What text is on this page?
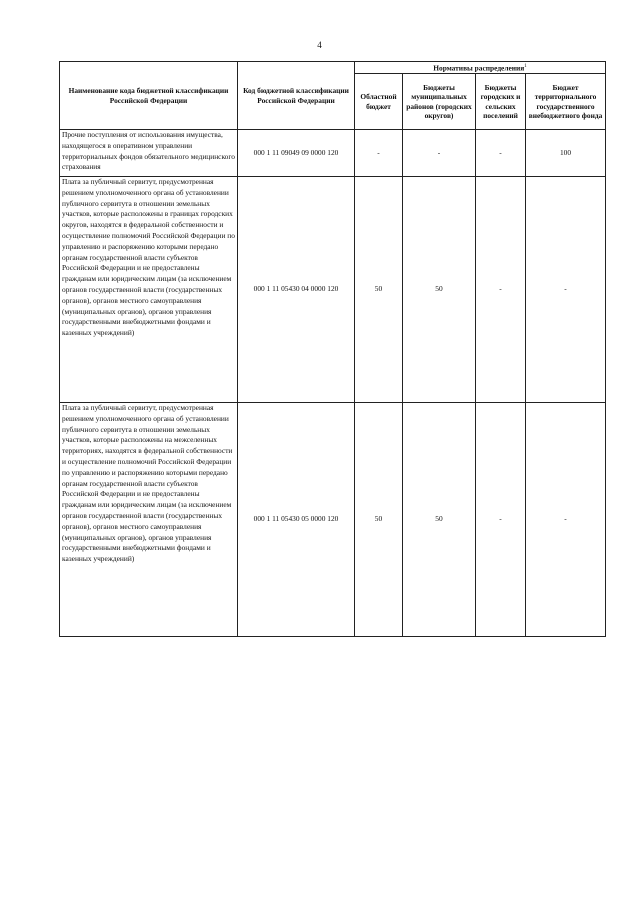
4
Наименование кода бюджетной классификации Российской Федерации	Код бюджетной классификации Российской Федерации	Нормативы распределения$^1$
		Областной бюджет	Бюджеты муниципальных районов (городских округов)	Бюджеты городских и сельских поселений	Бюджет территориального государственного внебюджетного фонда
Прочие поступления от использования имущества, находящегося в оперативном управлении территориальных фондов обязательного медицинского страхования	000 1 11 09049 09 0000 120	-	-	-	100
Плата за публичный сервитут, предусмотренная решением уполномоченного органа об установлении публичного сервитута в отношении земельных участков, которые расположены в границах городских округов, находятся в федеральной собственности и осуществление полномочий Российской Федерации по управлению и распоряжению которыми передано органам государственной власти субъектов Российской Федерации и не предоставлены гражданам или юридическим лицам (за исключением органов государственной власти (государственных органов), органов местного самоуправления (муниципальных органов), органов управления государственными внебюджетными фондами и казенных учреждений)	000 1 11 05430 04 0000 120	50	50	-	-
Плата за публичный сервитут, предусмотренная решением уполномоченного органа об установлении публичного сервитута в отношении земельных участков, которые расположены на межселенных территориях, находятся в федеральной собственности и осуществление полномочий Российской Федерации по управлению и распоряжению которыми передано органам государственной власти субъектов Российской Федерации и не предоставлены гражданам или юридическим лицам (за исключением органов государственной власти (государственных органов), органов местного самоуправления (муниципальных органов), органов управления государственными внебюджетными фондами и казенных учреждений)	000 1 11 05430 05 0000 120	50	50	-	-
